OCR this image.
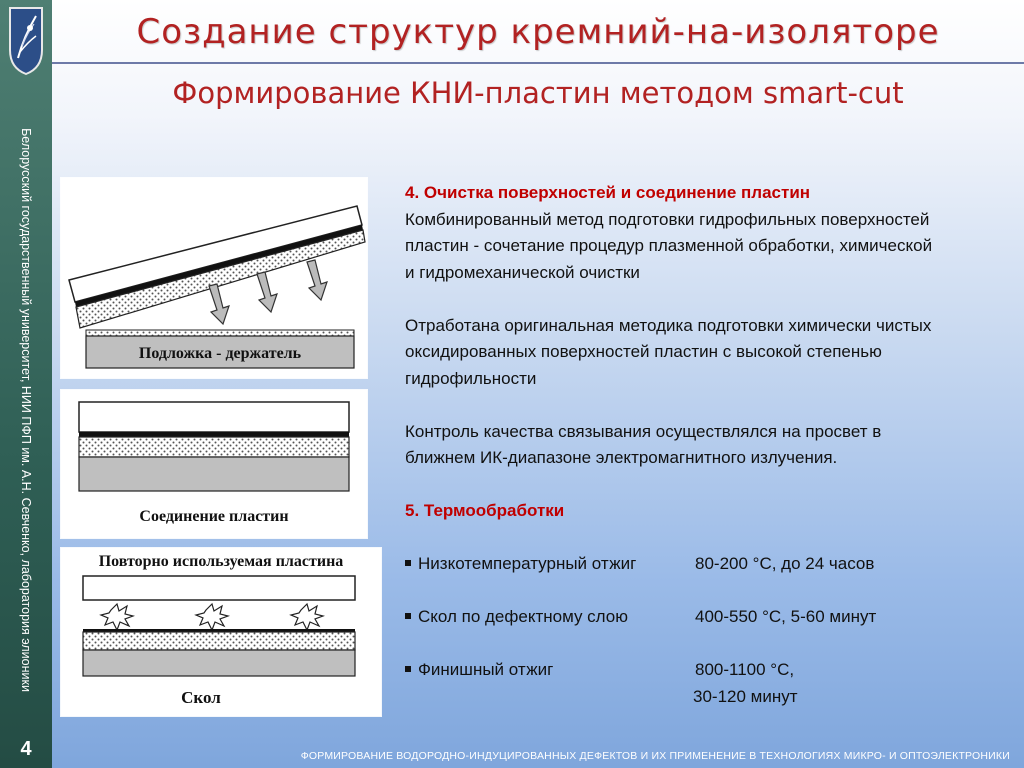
Белорусский государственный университет, НИИ ПФП им. А.Н. Севченко, лаборатория элионики
4
Создание структур кремний-на-изоляторе
Формирование КНИ-пластин методом smart-cut
Подложка - держатель
Соединение пластин
Повторно используемая пластина
Скол

4. Очистка поверхностей и соединение пластин

Комбинированный метод подготовки гидрофильных поверхностей

пластин - сочетание процедур плазменной обработки, химической

и гидромеханической очистки

Отработана оригинальная методика подготовки химически чистых

оксидированных поверхностей пластин с высокой степенью

гидрофильности

Контроль качества связывания осуществлялся на просвет в

ближнем ИК-диапазоне электромагнитного излучения.

5. Термообработки

Низкотемпературный отжиг	80-200 °С, до 24 часов
Скол по дефектному слою	400-550 °С, 5-60 минут
Финишный отжиг	800-1100 °С,
30-120 минут
ФОРМИРОВАНИЕ ВОДОРОДНО-ИНДУЦИРОВАННЫХ ДЕФЕКТОВ И ИХ ПРИМЕНЕНИЕ В ТЕХНОЛОГИЯХ МИКРО- И ОПТОЭЛЕКТРОНИКИ
